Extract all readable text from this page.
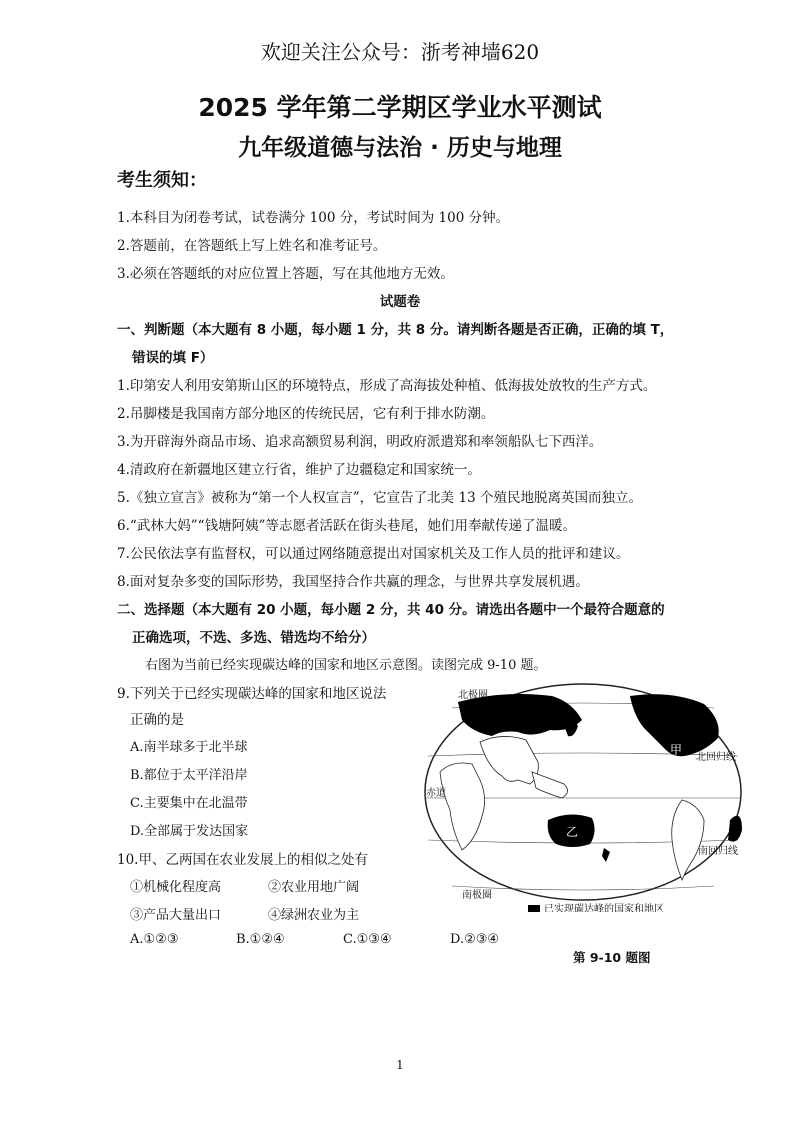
欢迎关注公众号：浙考神墙620
2025 学年第二学期区学业水平测试
九年级道德与法治 · 历史与地理
考生须知：
1.本科目为闭卷考试，试卷满分 100 分，考试时间为 100 分钟。
2.答题前，在答题纸上写上姓名和准考证号。
3.必须在答题纸的对应位置上答题，写在其他地方无效。
试题卷
一、判断题（本大题有 8 小题，每小题 1 分，共 8 分。请判断各题是否正确，正确的填 T，
错误的填 F）
1.印第安人利用安第斯山区的环境特点，形成了高海拔处种植、低海拔处放牧的生产方式。
2.吊脚楼是我国南方部分地区的传统民居，它有利于排水防潮。
3.为开辟海外商品市场、追求高额贸易利润，明政府派遣郑和率领船队七下西洋。
4.清政府在新疆地区建立行省，维护了边疆稳定和国家统一。
5.《独立宣言》被称为“第一个人权宣言”，它宣告了北美 13 个殖民地脱离英国而独立。
6.“武林大妈”“钱塘阿姨”等志愿者活跃在街头巷尾，她们用奉献传递了温暖。
7.公民依法享有监督权，可以通过网络随意提出对国家机关及工作人员的批评和建议。
8.面对复杂多变的国际形势，我国坚持合作共赢的理念，与世界共享发展机遇。
二、选择题（本大题有 20 小题，每小题 2 分，共 40 分。请选出各题中一个最符合题意的
正确选项，不选、多选、错选均不给分）
右图为当前已经实现碳达峰的国家和地区示意图。读图完成 9-10 题。
9.下列关于已经实现碳达峰的国家和地区说法
正确的是
A.南半球多于北半球
B.都位于太平洋沿岸
C.主要集中在北温带
D.全部属于发达国家
10.甲、乙两国在农业发展上的相似之处有
①机械化程度高	②农业用地广阔
③产品大量出口	④绿洲农业为主
A.①②③	B.①②④	C.①③④	D.②③④
北极圈
甲
北回归线
赤道
乙
南回归线
南极圈
已实现碳达峰的国家和地区
第 9-10 题图
1
